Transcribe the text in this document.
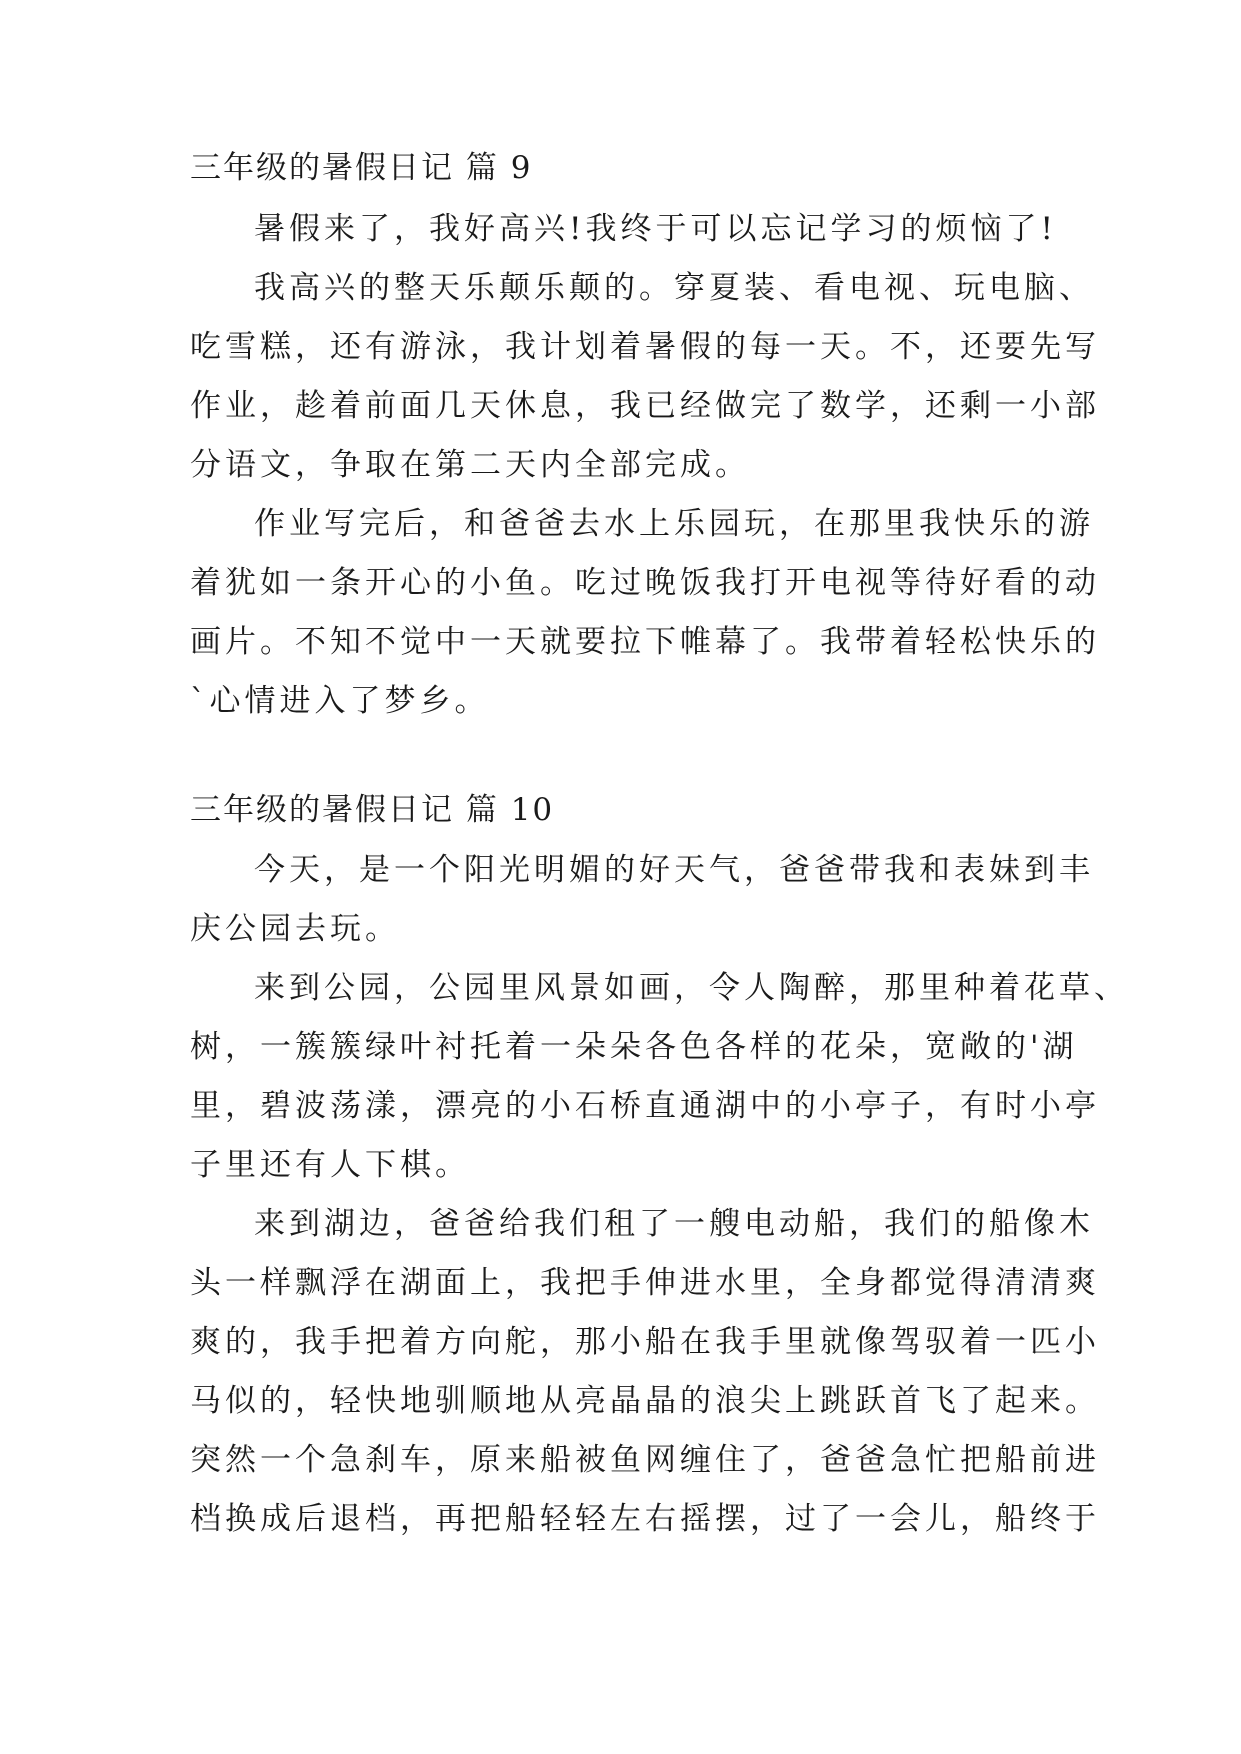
三年级的暑假日记 篇 9
暑假来了，我好高兴!我终于可以忘记学习的烦恼了!
我高兴的整天乐颠乐颠的。穿夏装、看电视、玩电脑、
吃雪糕，还有游泳，我计划着暑假的每一天。不，还要先写
作业，趁着前面几天休息，我已经做完了数学，还剩一小部
分语文，争取在第二天内全部完成。
作业写完后，和爸爸去水上乐园玩，在那里我快乐的游
着犹如一条开心的小鱼。吃过晚饭我打开电视等待好看的动
画片。不知不觉中一天就要拉下帷幕了。我带着轻松快乐的
`心情进入了梦乡。
三年级的暑假日记 篇 10
今天，是一个阳光明媚的好天气，爸爸带我和表妹到丰
庆公园去玩。
来到公园，公园里风景如画，令人陶醉，那里种着花草、
树，一簇簇绿叶衬托着一朵朵各色各样的花朵，宽敞的'湖
里，碧波荡漾，漂亮的小石桥直通湖中的小亭子，有时小亭
子里还有人下棋。
来到湖边，爸爸给我们租了一艘电动船，我们的船像木
头一样飘浮在湖面上，我把手伸进水里，全身都觉得清清爽
爽的，我手把着方向舵，那小船在我手里就像驾驭着一匹小
马似的，轻快地驯顺地从亮晶晶的浪尖上跳跃首飞了起来。
突然一个急刹车，原来船被鱼网缠住了，爸爸急忙把船前进
档换成后退档，再把船轻轻左右摇摆，过了一会儿，船终于
